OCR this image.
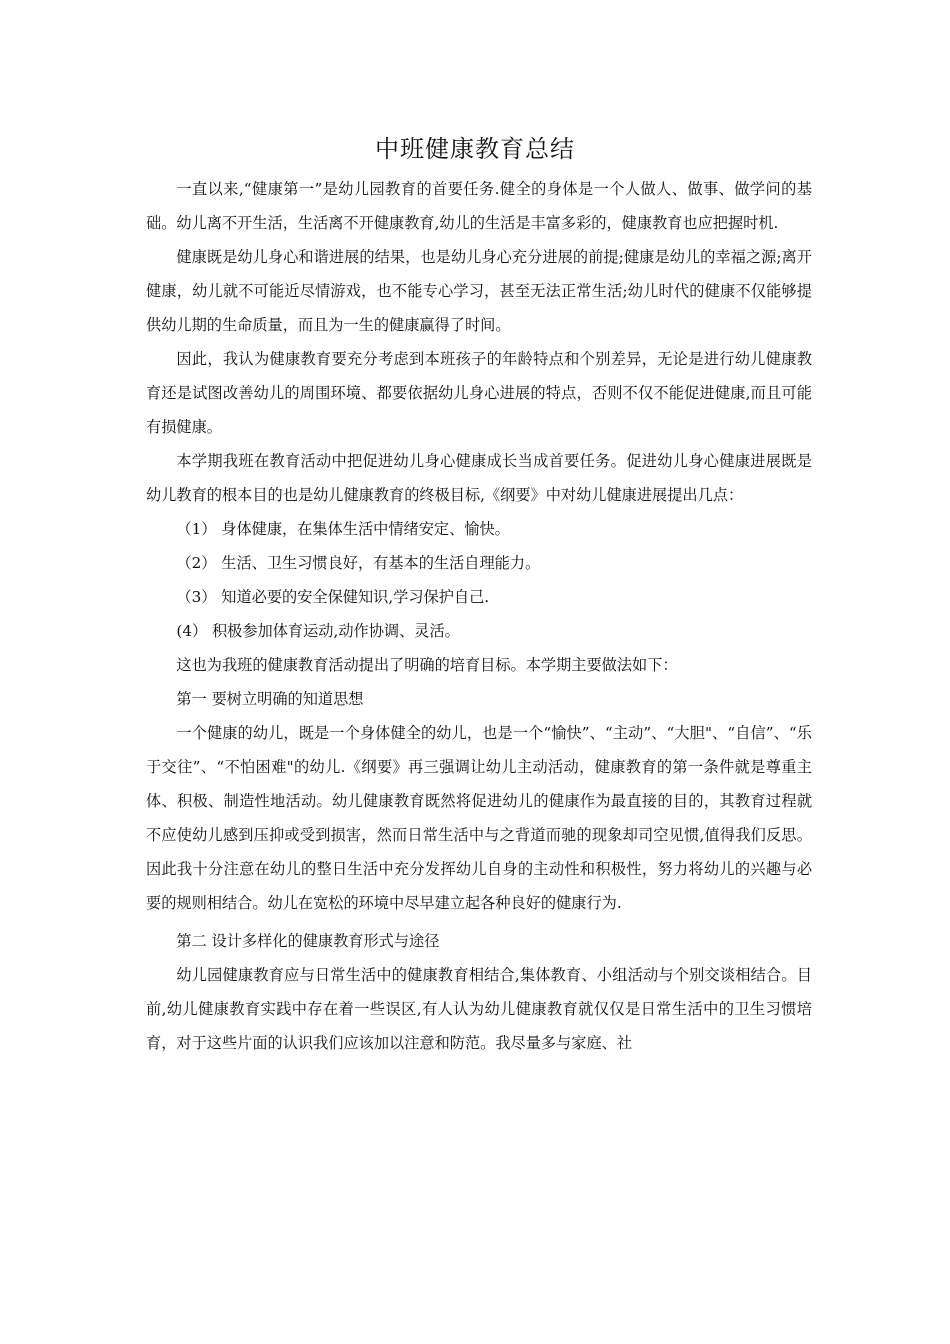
中班健康教育总结

一直以来,“健康第一”是幼儿园教育的首要任务.健全的身体是一个人做人、做事、做学问的基础。幼儿离不开生活，生活离不开健康教育,幼儿的生活是丰富多彩的，健康教育也应把握时机.

健康既是幼儿身心和谐进展的结果，也是幼儿身心充分进展的前提;健康是幼儿的幸福之源;离开健康，幼儿就不可能近尽情游戏，也不能专心学习，甚至无法正常生活;幼儿时代的健康不仅能够提供幼儿期的生命质量，而且为一生的健康赢得了时间。

因此，我认为健康教育要充分考虑到本班孩子的年龄特点和个别差异，无论是进行幼儿健康教育还是试图改善幼儿的周围环境、都要依据幼儿身心进展的特点，否则不仅不能促进健康,而且可能有损健康。

本学期我班在教育活动中把促进幼儿身心健康成长当成首要任务。促进幼儿身心健康进展既是幼儿教育的根本目的也是幼儿健康教育的终极目标,《纲要》中对幼儿健康进展提出几点：

（1） 身体健康，在集体生活中情绪安定、愉快。

（2） 生活、卫生习惯良好，有基本的生活自理能力。

（3） 知道必要的安全保健知识,学习保护自己.

(4） 积极参加体育运动,动作协调、灵活。

这也为我班的健康教育活动提出了明确的培育目标。本学期主要做法如下：

第一 要树立明确的知道思想

一个健康的幼儿，既是一个身体健全的幼儿，也是一个“愉快”、“主动”、“大胆"、“自信”、“乐于交往”、“不怕困难"的幼儿.《纲要》再三强调让幼儿主动活动，健康教育的第一条件就是尊重主体、积极、制造性地活动。幼儿健康教育既然将促进幼儿的健康作为最直接的目的，其教育过程就不应使幼儿感到压抑或受到损害，然而日常生活中与之背道而驰的现象却司空见惯,值得我们反思。因此我十分注意在幼儿的整日生活中充分发挥幼儿自身的主动性和积极性，努力将幼儿的兴趣与必要的规则相结合。幼儿在宽松的环境中尽早建立起各种良好的健康行为.

第二 设计多样化的健康教育形式与途径

幼儿园健康教育应与日常生活中的健康教育相结合,集体教育、小组活动与个别交谈相结合。目前,幼儿健康教育实践中存在着一些误区,有人认为幼儿健康教育就仅仅是日常生活中的卫生习惯培育，对于这些片面的认识我们应该加以注意和防范。我尽量多与家庭、社
